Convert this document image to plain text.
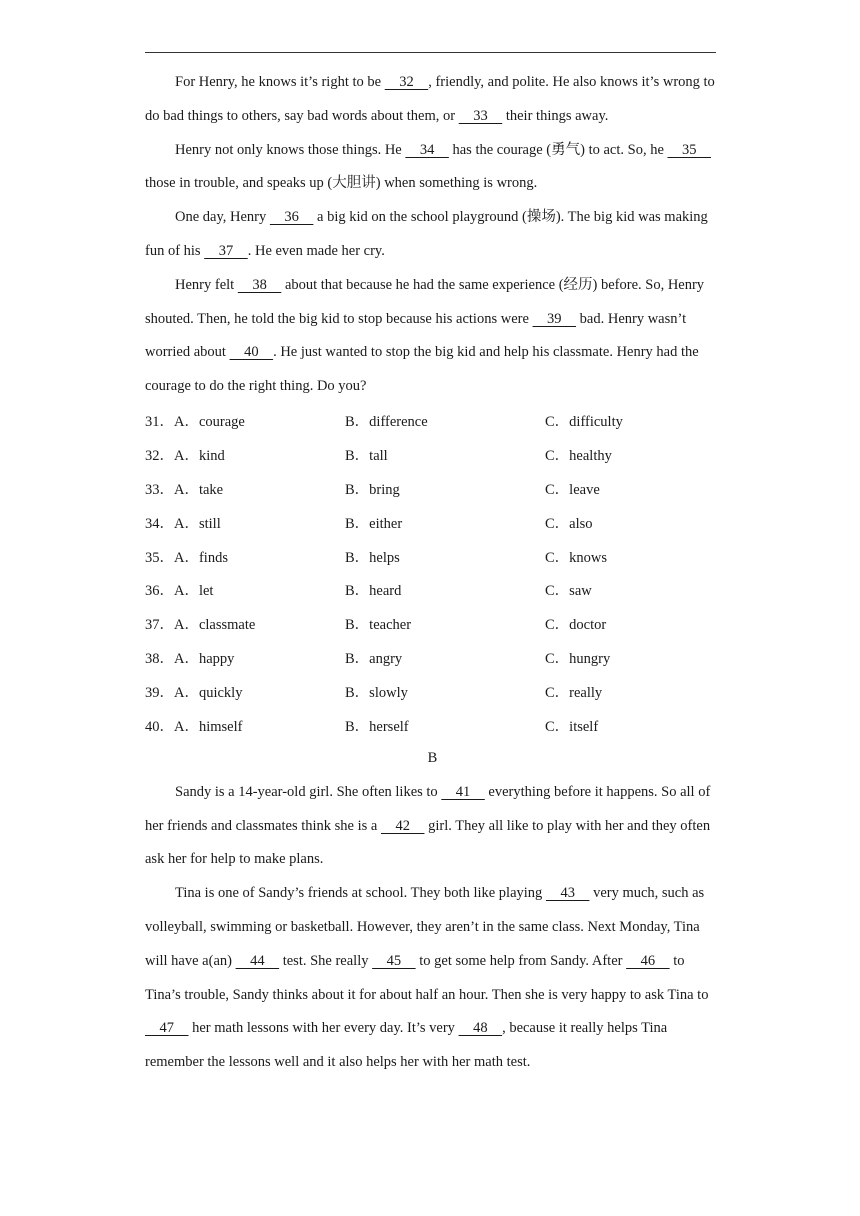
For Henry, he knows it’s right to be     32    , friendly, and polite. He also knows it’s wrong to do bad things to others, say bad words about them, or     33     their things away.

Henry not only knows those things. He     34     has the courage (勇气) to act. So, he     35     those in trouble, and speaks up (大胆讲) when something is wrong.

One day, Henry     36     a big kid on the school playground (操场). The big kid was making fun of his     37    . He even made her cry.

Henry felt     38     about that because he had the same experience (经历) before. So, Henry shouted. Then, he told the big kid to stop because his actions were     39     bad. Henry wasn’t worried about     40    . He just wanted to stop the big kid and help his classmate. Henry had the courage to do the right thing. Do you?

31．A．courage	B．difference	C．difficulty
32．A．kind	B．tall	C．healthy
33．A．take	B．bring	C．leave
34．A．still	B．either	C．also
35．A．finds	B．helps	C．knows
36．A．let	B．heard	C．saw
37．A．classmate	B．teacher	C．doctor
38．A．happy	B．angry	C．hungry
39．A．quickly	B．slowly	C．really
40．A．himself	B．herself	C．itself

B

Sandy is a 14-year-old girl. She often likes to     41     everything before it happens. So all of her friends and classmates think she is a     42     girl. They all like to play with her and they often ask her for help to make plans.

Tina is one of Sandy’s friends at school. They both like playing     43     very much, such as volleyball, swimming or basketball. However, they aren’t in the same class. Next Monday, Tina will have a(an)     44     test. She really     45     to get some help from Sandy. After     46     to Tina’s trouble, Sandy thinks about it for about half an hour. Then she is very happy to ask Tina to     47     her math lessons with her every day. It’s very     48    , because it really helps Tina remember the lessons well and it also helps her with her math test.
